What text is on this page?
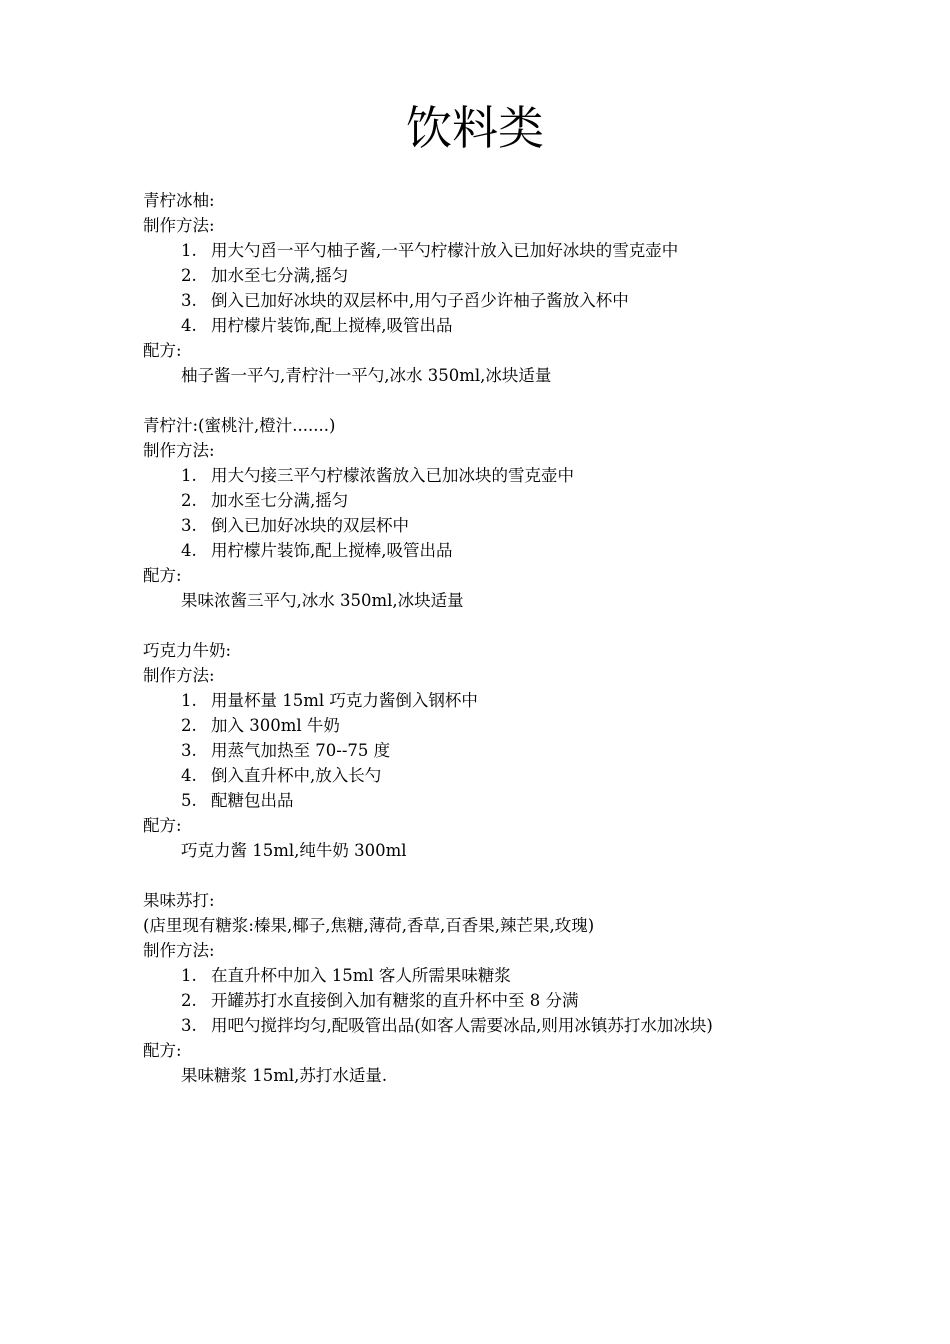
饮料类
青柠冰柚:
制作方法:
1. 用大勺舀一平勺柚子酱,一平勺柠檬汁放入已加好冰块的雪克壶中
2. 加水至七分满,摇匀
3. 倒入已加好冰块的双层杯中,用勺子舀少许柚子酱放入杯中
4. 用柠檬片装饰,配上搅棒,吸管出品
配方:
柚子酱一平勺,青柠汁一平勺,冰水 350ml,冰块适量
青柠汁:(蜜桃汁,橙汁.......)
制作方法:
1. 用大勺接三平勺柠檬浓酱放入已加冰块的雪克壶中
2. 加水至七分满,摇匀
3. 倒入已加好冰块的双层杯中
4. 用柠檬片装饰,配上搅棒,吸管出品
配方:
果味浓酱三平勺,冰水 350ml,冰块适量
巧克力牛奶:
制作方法:
1. 用量杯量 15ml 巧克力酱倒入钢杯中
2. 加入 300ml 牛奶
3. 用蒸气加热至 70--75 度
4. 倒入直升杯中,放入长勺
5. 配糖包出品
配方:
巧克力酱 15ml,纯牛奶 300ml
果味苏打:
(店里现有糖浆:榛果,椰子,焦糖,薄荷,香草,百香果,辣芒果,玫瑰)
制作方法:
1. 在直升杯中加入 15ml 客人所需果味糖浆
2. 开罐苏打水直接倒入加有糖浆的直升杯中至 8 分满
3. 用吧勺搅拌均匀,配吸管出品(如客人需要冰品,则用冰镇苏打水加冰块)
配方:
果味糖浆 15ml,苏打水适量.
